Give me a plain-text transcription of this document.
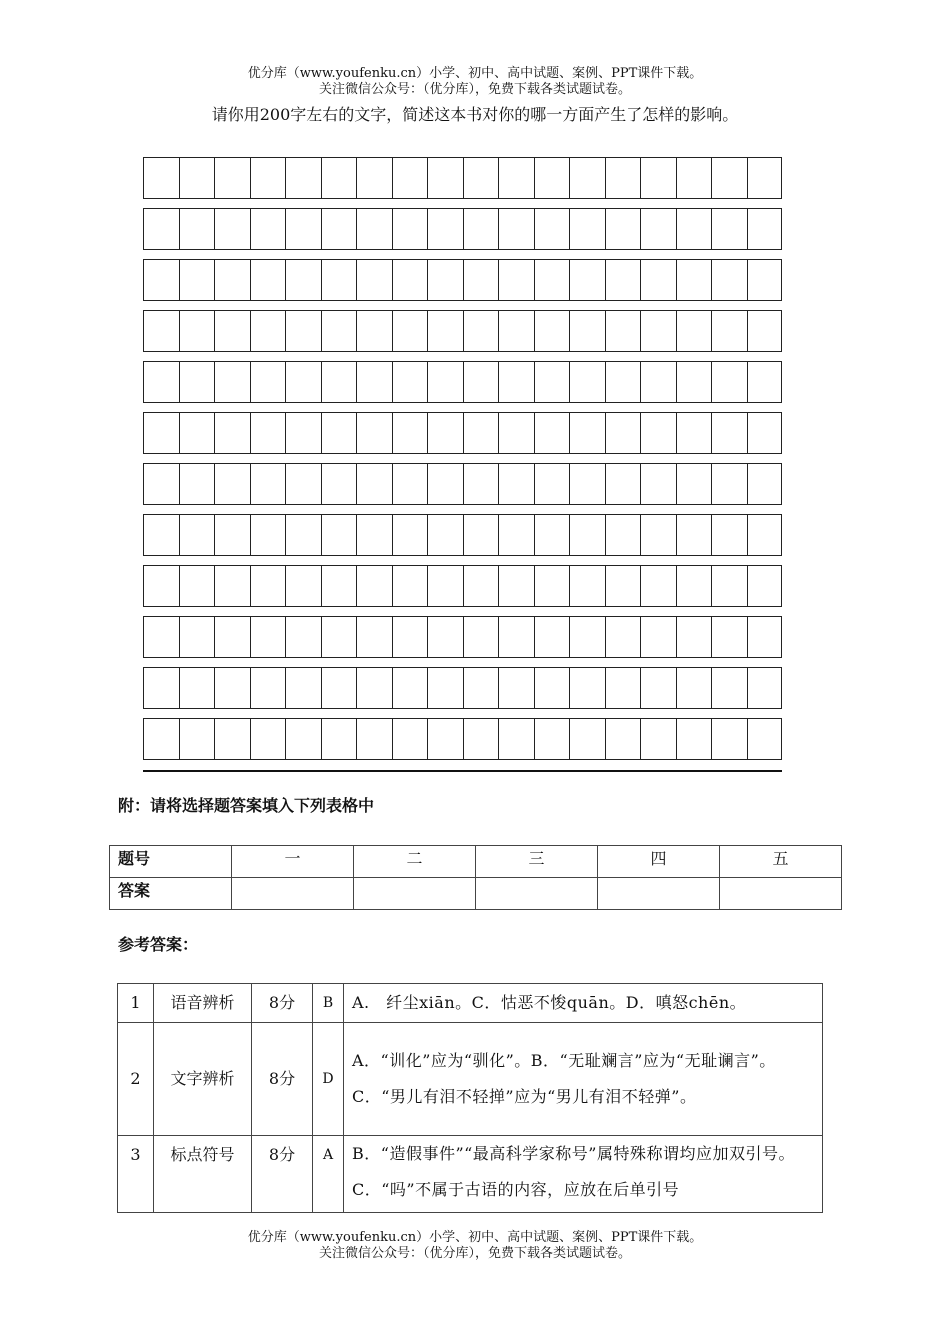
优分库（www.youfenku.cn）小学、初中、高中试题、案例、PPT课件下载。
关注微信公众号：（优分库），免费下载各类试题试卷。
请你用200字左右的文字，简述这本书对你的哪一方面产生了怎样的影响。
附：请将选择题答案填入下列表格中
题号	一	二	三	四	五
答案					
参考答案：
1	语音辨析	8分	B	A.　纤尘xiān。C．怙恶不悛quān。D．嗔怒chēn。
2	文字辨析	8分	D	A．“训化”应为“驯化”。B．“无耻斓言”应为“无耻谰言”。C．“男儿有泪不轻掸”应为“男儿有泪不轻弹”。
3	标点符号	8分	A	B．“造假事件”“最高科学家称号”属特殊称谓均应加双引号。C．“吗”不属于古语的内容，应放在后单引号
优分库（www.youfenku.cn）小学、初中、高中试题、案例、PPT课件下载。
关注微信公众号：（优分库），免费下载各类试题试卷。
